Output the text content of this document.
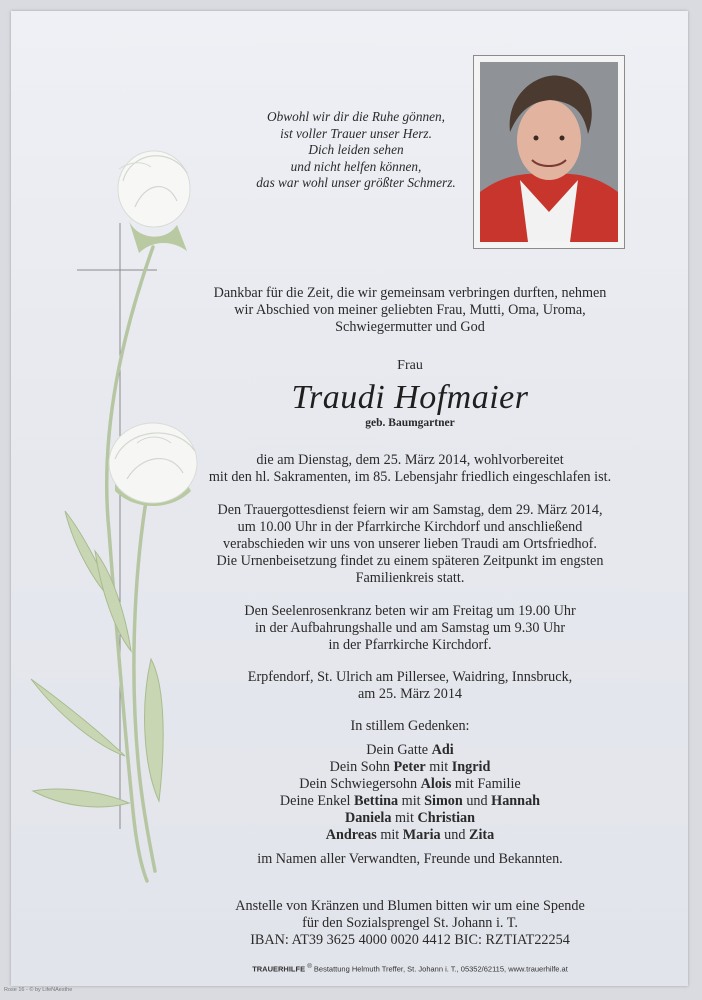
Obwohl wir dir die Ruhe gönnen,
ist voller Trauer unser Herz.
Dich leiden sehen
und nicht helfen können,
das war wohl unser größter Schmerz.
Dankbar für die Zeit, die wir gemeinsam verbringen durften, nehmen
wir Abschied von meiner geliebten Frau, Mutti, Oma, Uroma,
Schwiegermutter und God
Frau
Traudi Hofmaier
geb. Baumgartner
die am Dienstag, dem 25. März 2014, wohlvorbereitet
mit den hl. Sakramenten, im 85. Lebensjahr friedlich eingeschlafen ist.
Den Trauergottesdienst feiern wir am Samstag, dem 29. März 2014,
um 10.00 Uhr in der Pfarrkirche Kirchdorf und anschließend
verabschieden wir uns von unserer lieben Traudi am Ortsfriedhof.
Die Urnenbeisetzung findet zu einem späteren Zeitpunkt im engsten
Familienkreis statt.
Den Seelenrosenkranz beten wir am Freitag um 19.00 Uhr
in der Aufbahrungshalle und am Samstag um 9.30 Uhr
in der Pfarrkirche Kirchdorf.
Erpfendorf, St. Ulrich am Pillersee, Waidring, Innsbruck,
am 25. März 2014
In stillem Gedenken:
Dein Gatte Adi
Dein Sohn Peter mit Ingrid
Dein Schwiegersohn Alois mit Familie
Deine Enkel Bettina mit Simon und Hannah
Daniela mit Christian
Andreas mit Maria und Zita
im Namen aller Verwandten, Freunde und Bekannten.
Anstelle von Kränzen und Blumen bitten wir um eine Spende
für den Sozialsprengel St. Johann i. T.
IBAN: AT39 3625 4000 0020 4412 BIC: RZTIAT22254
TRAUERHILFE ® Bestattung Helmuth Treffer, St. Johann i. T., 05352/62115, www.trauerhilfe.at
Rose 16 - © by LifeNAesthe
